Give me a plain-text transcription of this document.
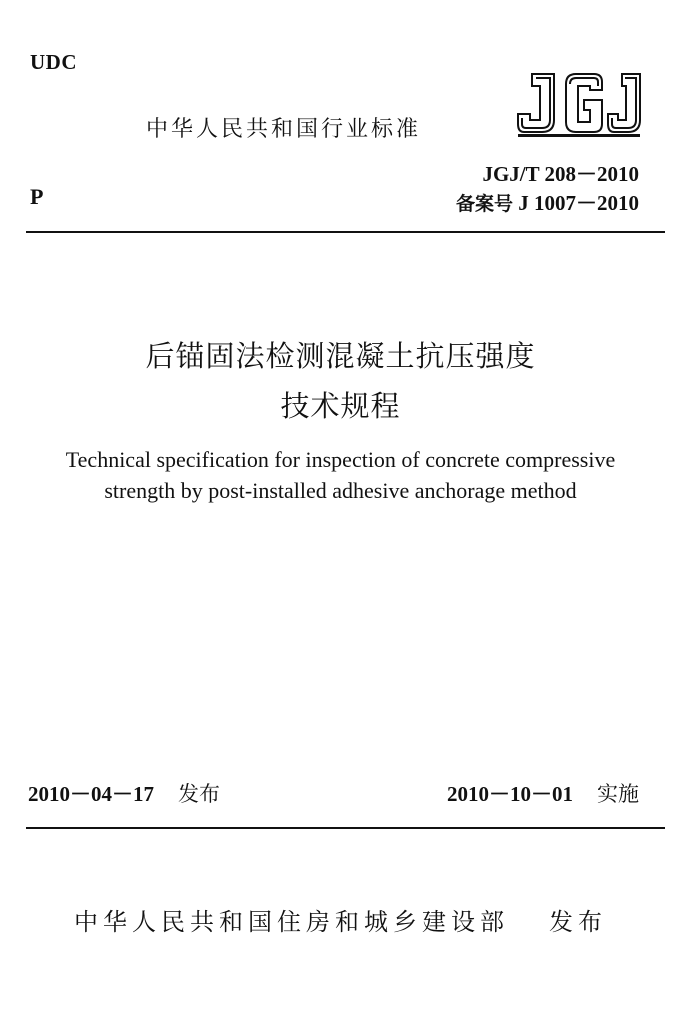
UDC
中华人民共和国行业标准
P
JGJ/T 208－2010
备案号 J 1007－2010
后锚固法检测混凝土抗压强度
技术规程
Technical specification for inspection of concrete compressive
strength by post-installed adhesive anchorage method
2010－04－17 发布	2010－10－01 实施
中华人民共和国住房和城乡建设部 发布
